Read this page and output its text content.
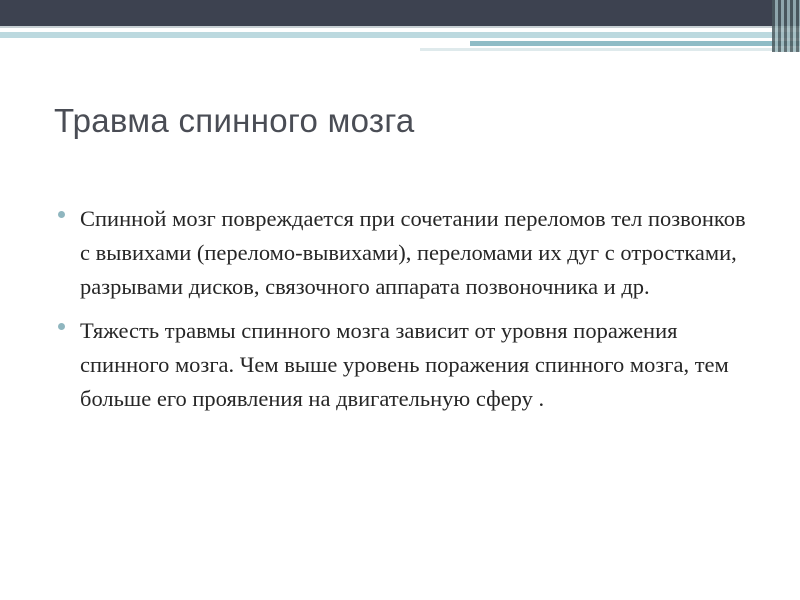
Травма спинного мозга
Спинной мозг повреждается при сочетании переломов тел позвонков с вывихами (переломо-вывихами), переломами их дуг с отростками, разрывами дисков, связочного аппарата позвоночника и др.
Тяжесть травмы спинного мозга зависит от уровня поражения спинного мозга. Чем выше уровень поражения спинного мозга, тем больше его проявления на двигательную сферу .
